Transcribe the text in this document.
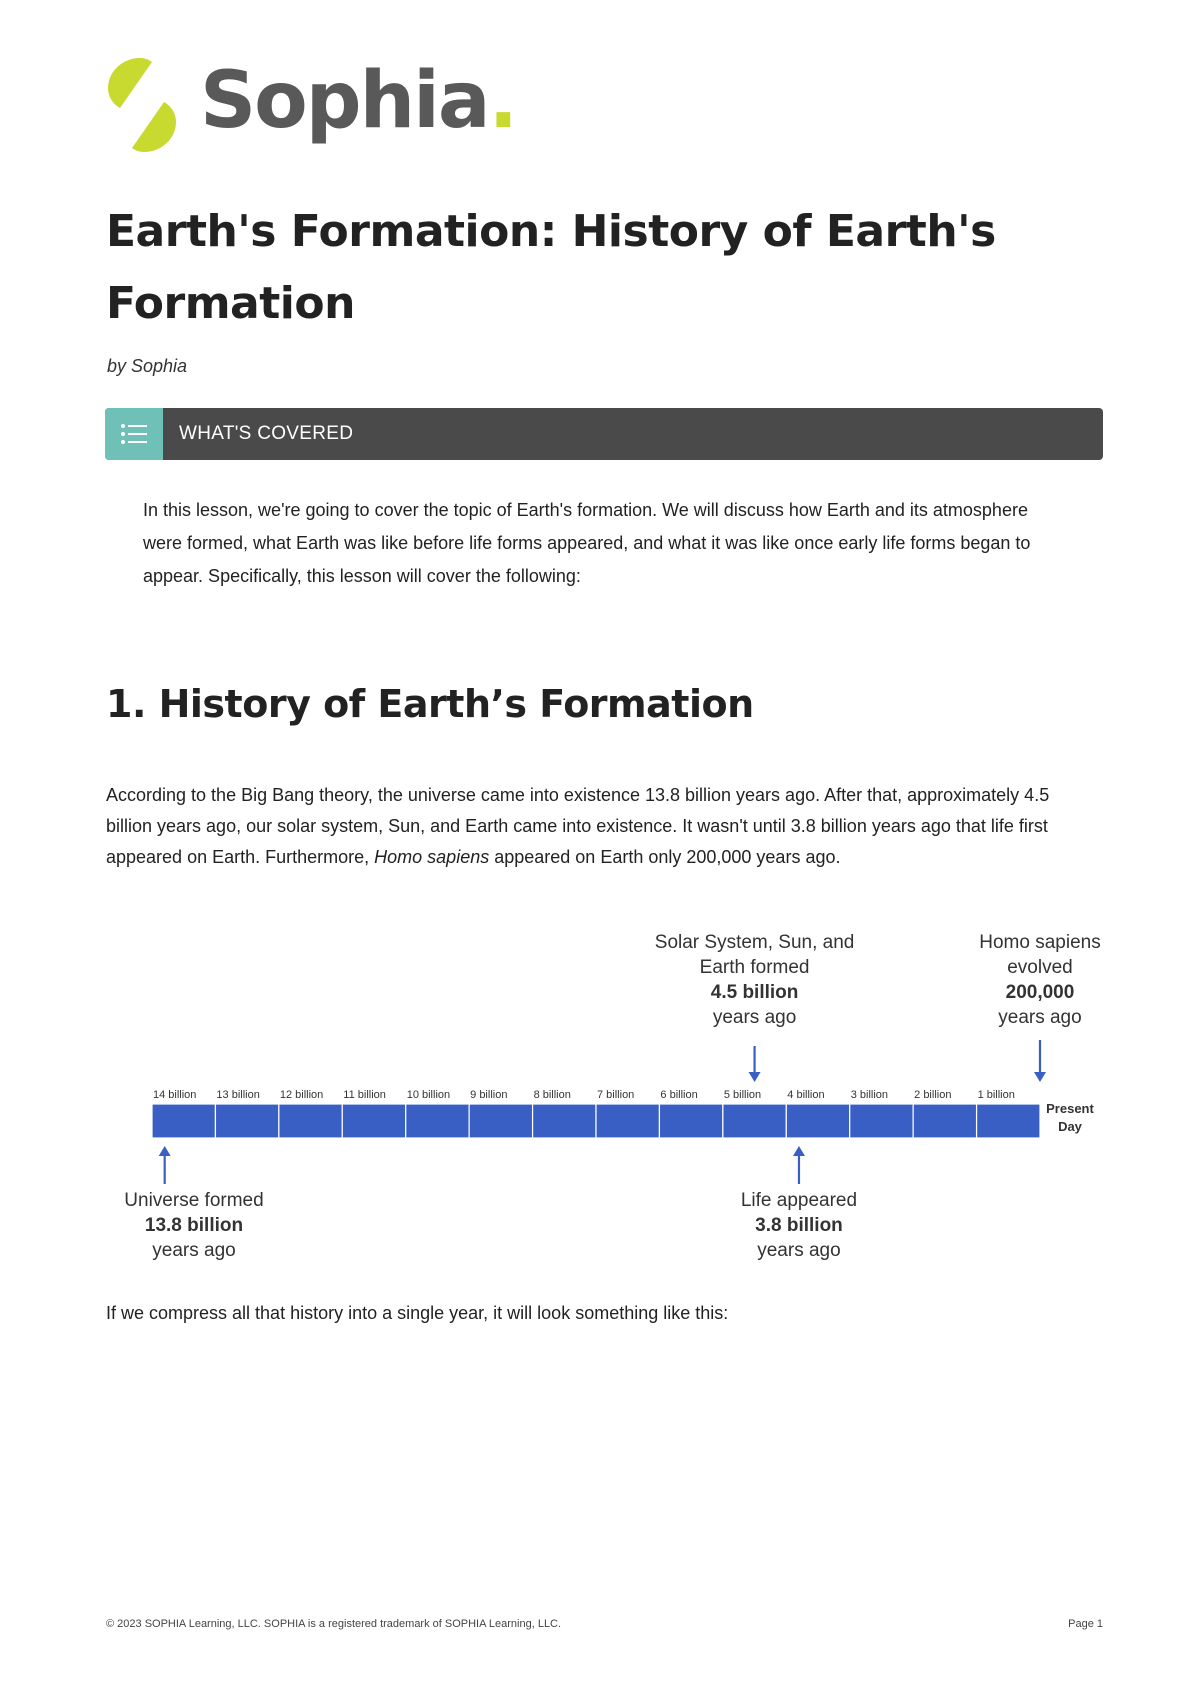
Sophia.
Earth's Formation: History of Earth's
Formation
by Sophia
WHAT'S COVERED
In this lesson, we're going to cover the topic of Earth's formation. We will discuss how Earth and its atmosphere were formed, what Earth was like before life forms appeared, and what it was like once early life forms began to appear. Specifically, this lesson will cover the following:
1. History of Earth’s Formation
According to the Big Bang theory, the universe came into existence 13.8 billion years ago. After that, approximately 4.5 billion years ago, our solar system, Sun, and Earth came into existence. It wasn't until 3.8 billion years ago that life first appeared on Earth. Furthermore, Homo sapiens appeared on Earth only 200,000 years ago.
14 billion 13 billion 12 billion 11 billion 10 billion 9 billion 8 billion 7 billion 6 billion 5 billion 4 billion 3 billion 2 billion 1 billion
Universe formed
13.8 billion
years ago
Solar System, Sun, and
Earth formed
4.5 billion
years ago
Life appeared
3.8 billion
years ago
Homo sapiens
evolved
200,000
years ago
Present
Day
If we compress all that history into a single year, it will look something like this:
© 2023 SOPHIA Learning, LLC. SOPHIA is a registered trademark of SOPHIA Learning, LLC.	Page 1
